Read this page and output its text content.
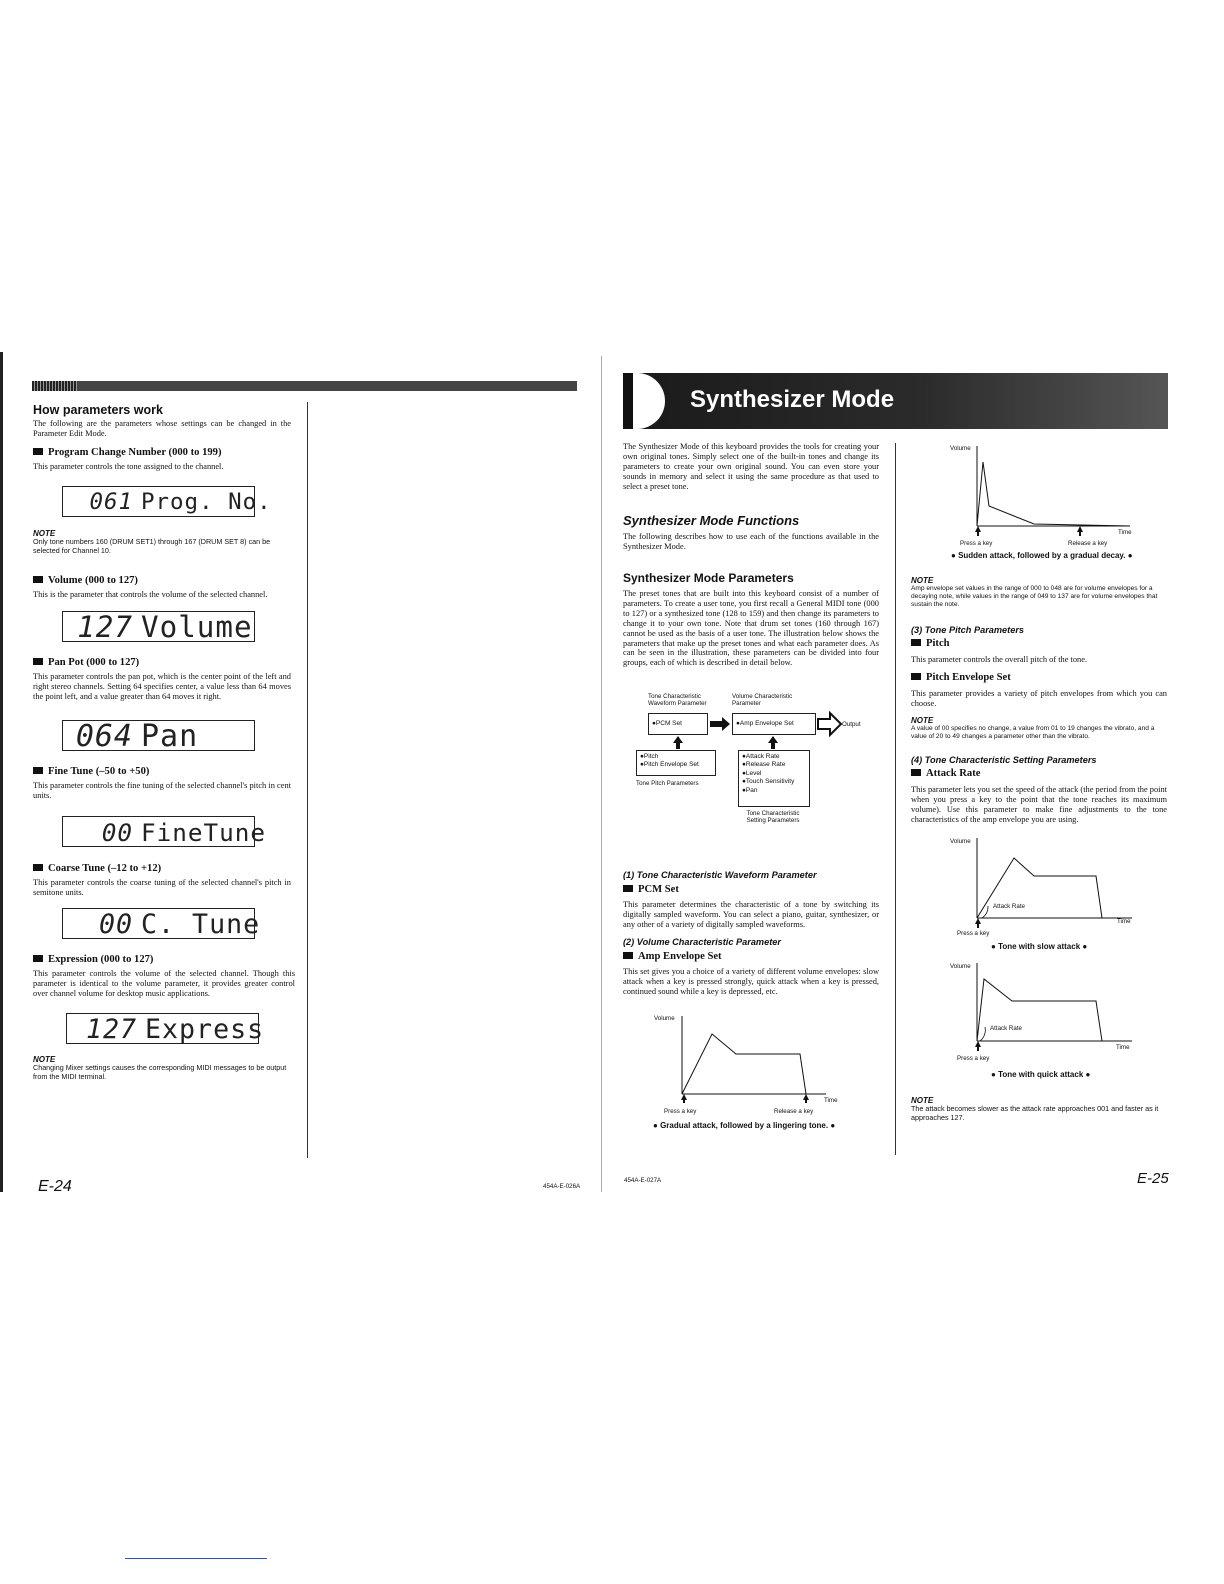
How parameters work

The following are the parameters whose settings can be changed in the Parameter Edit Mode.

Program Change Number (000 to 199)

This parameter controls the tone assigned to the channel.

061 Prog. No.

NOTE

Only tone numbers 160 (DRUM SET1) through 167 (DRUM SET 8) can be selected for Channel 10.

Volume (000 to 127)

This is the parameter that controls the volume of the selected channel.

127 Volume

Pan Pot (000 to 127)

This parameter controls the pan pot, which is the center point of the left and right stereo channels. Setting 64 specifies center, a value less than 64 moves the point left, and a value greater than 64 moves it right.

064 Pan

Fine Tune (–50 to +50)

This parameter controls the fine tuning of the selected channel's pitch in cent units.

00 FineTune

Coarse Tune (–12 to +12)

This parameter controls the coarse tuning of the selected channel's pitch in semitone units.

00 C. Tune

Expression (000 to 127)

This parameter controls the volume of the selected channel. Though this parameter is identical to the volume parameter, it provides greater control over channel volume for desktop music applications.

127 Express

NOTE

Changing Mixer settings causes the corresponding MIDI messages to be output from the MIDI terminal.

E-24	454A-E-026A
Synthesizer Mode

The Synthesizer Mode of this keyboard provides the tools for creating your own original tones. Simply select one of the built-in tones and change its parameters to create your own original sound. You can even store your sounds in memory and select it using the same procedure as that used to select a preset tone.

Synthesizer Mode Functions

The following describes how to use each of the functions available in the Synthesizer Mode.

Synthesizer Mode Parameters

The preset tones that are built into this keyboard consist of a number of parameters. To create a user tone, you first recall a General MIDI tone (000 to 127) or a synthesized tone (128 to 159) and then change its parameters to change it to your own tone. Note that drum set tones (160 through 167) cannot be used as the basis of a user tone. The illustration below shows the parameters that make up the preset tones and what each parameter does. As can be seen in the illustration, these parameters can be divided into four groups, each of which is described in detail below.

Tone Characteristic Waveform Parameter
Volume Characteristic Parameter
●PCM Set	●Amp Envelope Set	Output
●Pitch
●Pitch Envelope Set
Tone Pitch Parameters
●Attack Rate
●Release Rate
●Level
●Touch Sensitivity
●Pan
Tone Characteristic Setting Parameters

(1) Tone Characteristic Waveform Parameter

PCM Set

This parameter determines the characteristic of a tone by switching its digitally sampled waveform. You can select a piano, guitar, synthesizer, or any other of a variety of digitally sampled waveforms.

(2) Volume Characteristic Parameter

Amp Envelope Set

This set gives you a choice of a variety of different volume envelopes: slow attack when a key is pressed strongly, quick attack when a key is pressed, continued sound while a key is depressed, etc.

Volume
Time
Press a key	Release a key
● Gradual attack, followed by a lingering tone. ●
Volume
Time
Press a key	Release a key
● Sudden attack, followed by a gradual decay. ●

NOTE

Amp envelope set values in the range of 000 to 048 are for volume envelopes for a decaying note, while values in the range of 049 to 137 are for volume envelopes that sustain the note.

(3) Tone Pitch Parameters

Pitch

This parameter controls the overall pitch of the tone.

Pitch Envelope Set

This parameter provides a variety of pitch envelopes from which you can choose.

NOTE

A value of 00 specifies no change, a value from 01 to 19 changes the vibrato, and a value of 20 to 49 changes a parameter other than the vibrato.

(4) Tone Characteristic Setting Parameters

Attack Rate

This parameter lets you set the speed of the attack (the period from the point when you press a key to the point that the tone reaches its maximum volume). Use this parameter to make fine adjustments to the tone characteristics of the amp envelope you are using.

Volume
Attack Rate
Time
Press a key
● Tone with slow attack ●
Volume
Attack Rate
Time
Press a key
● Tone with quick attack ●

NOTE

The attack becomes slower as the attack rate approaches 001 and faster as it approaches 127.

454A-E-027A	E-25
